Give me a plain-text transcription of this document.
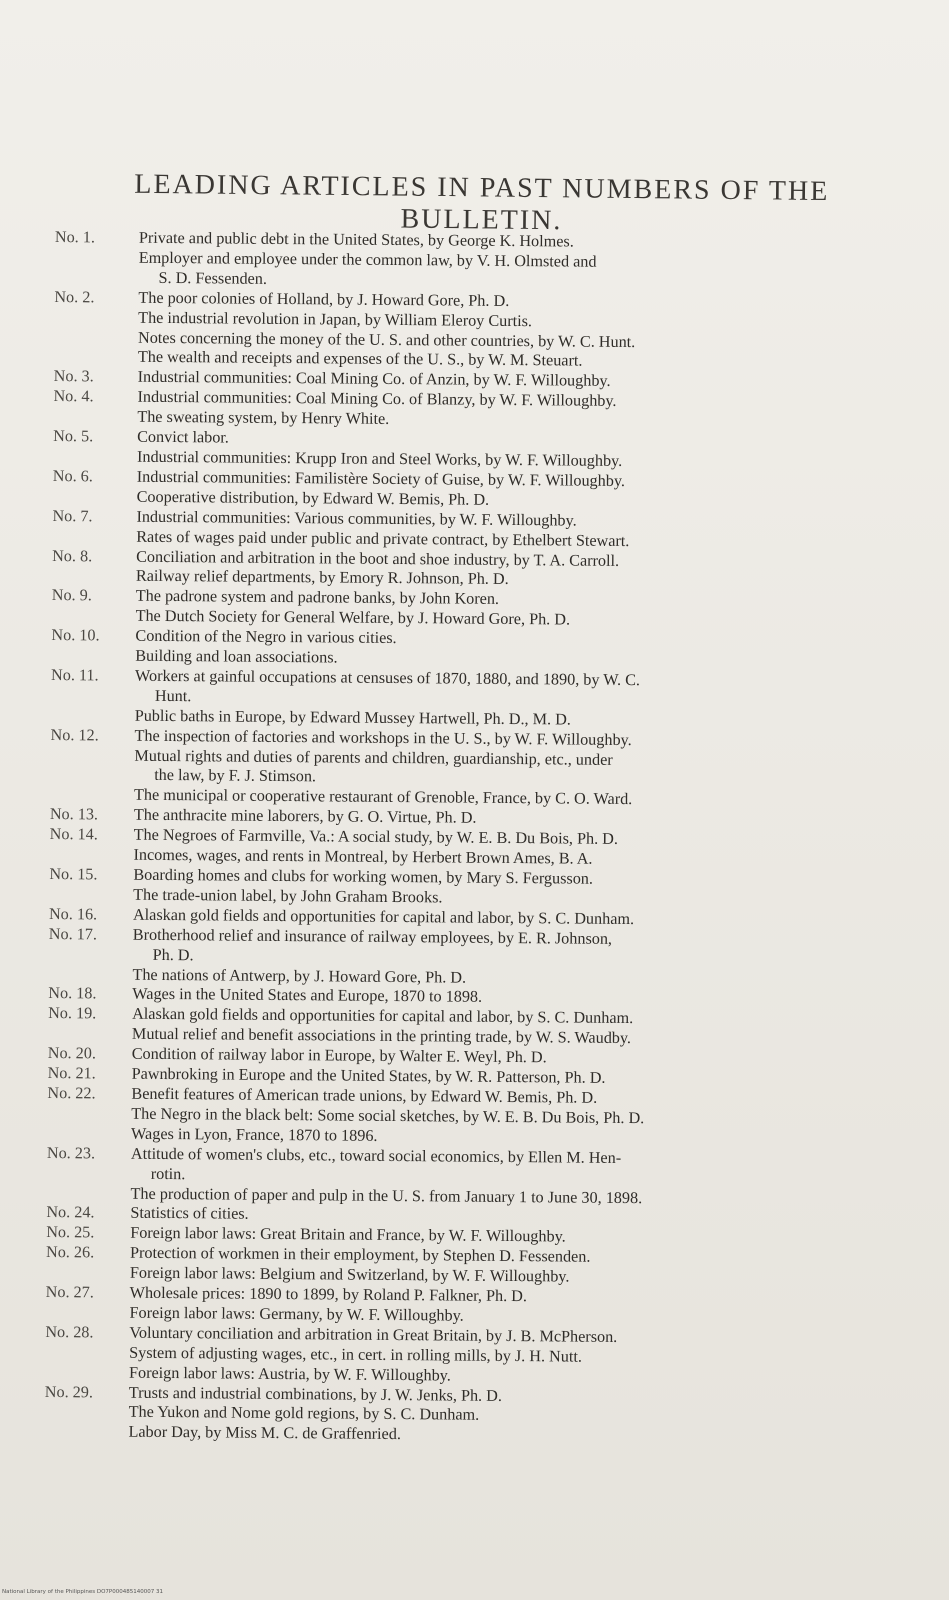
LEADING ARTICLES IN PAST NUMBERS OF THE BULLETIN.
No. 1.	Private and public debt in the United States, by George K. Holmes.
Employer and employee under the common law, by V. H. Olmsted and
S. D. Fessenden.
No. 2.	The poor colonies of Holland, by J. Howard Gore, Ph. D.
The industrial revolution in Japan, by William Eleroy Curtis.
Notes concerning the money of the U. S. and other countries, by W. C. Hunt.
The wealth and receipts and expenses of the U. S., by W. M. Steuart.
No. 3.	Industrial communities: Coal Mining Co. of Anzin, by W. F. Willoughby.
No. 4.	Industrial communities: Coal Mining Co. of Blanzy, by W. F. Willoughby.
The sweating system, by Henry White.
No. 5.	Convict labor.
Industrial communities: Krupp Iron and Steel Works, by W. F. Willoughby.
No. 6.	Industrial communities: Familistère Society of Guise, by W. F. Willoughby.
Cooperative distribution, by Edward W. Bemis, Ph. D.
No. 7.	Industrial communities: Various communities, by W. F. Willoughby.
Rates of wages paid under public and private contract, by Ethelbert Stewart.
No. 8.	Conciliation and arbitration in the boot and shoe industry, by T. A. Carroll.
Railway relief departments, by Emory R. Johnson, Ph. D.
No. 9.	The padrone system and padrone banks, by John Koren.
The Dutch Society for General Welfare, by J. Howard Gore, Ph. D.
No. 10.	Condition of the Negro in various cities.
Building and loan associations.
No. 11.	Workers at gainful occupations at censuses of 1870, 1880, and 1890, by W. C.
Hunt.
Public baths in Europe, by Edward Mussey Hartwell, Ph. D., M. D.
No. 12.	The inspection of factories and workshops in the U. S., by W. F. Willoughby.
Mutual rights and duties of parents and children, guardianship, etc., under
the law, by F. J. Stimson.
The municipal or cooperative restaurant of Grenoble, France, by C. O. Ward.
No. 13.	The anthracite mine laborers, by G. O. Virtue, Ph. D.
No. 14.	The Negroes of Farmville, Va.: A social study, by W. E. B. Du Bois, Ph. D.
Incomes, wages, and rents in Montreal, by Herbert Brown Ames, B. A.
No. 15.	Boarding homes and clubs for working women, by Mary S. Fergusson.
The trade-union label, by John Graham Brooks.
No. 16.	Alaskan gold fields and opportunities for capital and labor, by S. C. Dunham.
No. 17.	Brotherhood relief and insurance of railway employees, by E. R. Johnson,
Ph. D.
The nations of Antwerp, by J. Howard Gore, Ph. D.
No. 18.	Wages in the United States and Europe, 1870 to 1898.
No. 19.	Alaskan gold fields and opportunities for capital and labor, by S. C. Dunham.
Mutual relief and benefit associations in the printing trade, by W. S. Waudby.
No. 20.	Condition of railway labor in Europe, by Walter E. Weyl, Ph. D.
No. 21.	Pawnbroking in Europe and the United States, by W. R. Patterson, Ph. D.
No. 22.	Benefit features of American trade unions, by Edward W. Bemis, Ph. D.
The Negro in the black belt: Some social sketches, by W. E. B. Du Bois, Ph. D.
Wages in Lyon, France, 1870 to 1896.
No. 23.	Attitude of women's clubs, etc., toward social economics, by Ellen M. Hen-
rotin.
The production of paper and pulp in the U. S. from January 1 to June 30, 1898.
No. 24.	Statistics of cities.
No. 25.	Foreign labor laws: Great Britain and France, by W. F. Willoughby.
No. 26.	Protection of workmen in their employment, by Stephen D. Fessenden.
Foreign labor laws: Belgium and Switzerland, by W. F. Willoughby.
No. 27.	Wholesale prices: 1890 to 1899, by Roland P. Falkner, Ph. D.
Foreign labor laws: Germany, by W. F. Willoughby.
No. 28.	Voluntary conciliation and arbitration in Great Britain, by J. B. McPherson.
System of adjusting wages, etc., in cert. in rolling mills, by J. H. Nutt.
Foreign labor laws: Austria, by W. F. Willoughby.
No. 29.	Trusts and industrial combinations, by J. W. Jenks, Ph. D.
The Yukon and Nome gold regions, by S. C. Dunham.
Labor Day, by Miss M. C. de Graffenried.
National Library of the Philippines DO7P000485140007 31
